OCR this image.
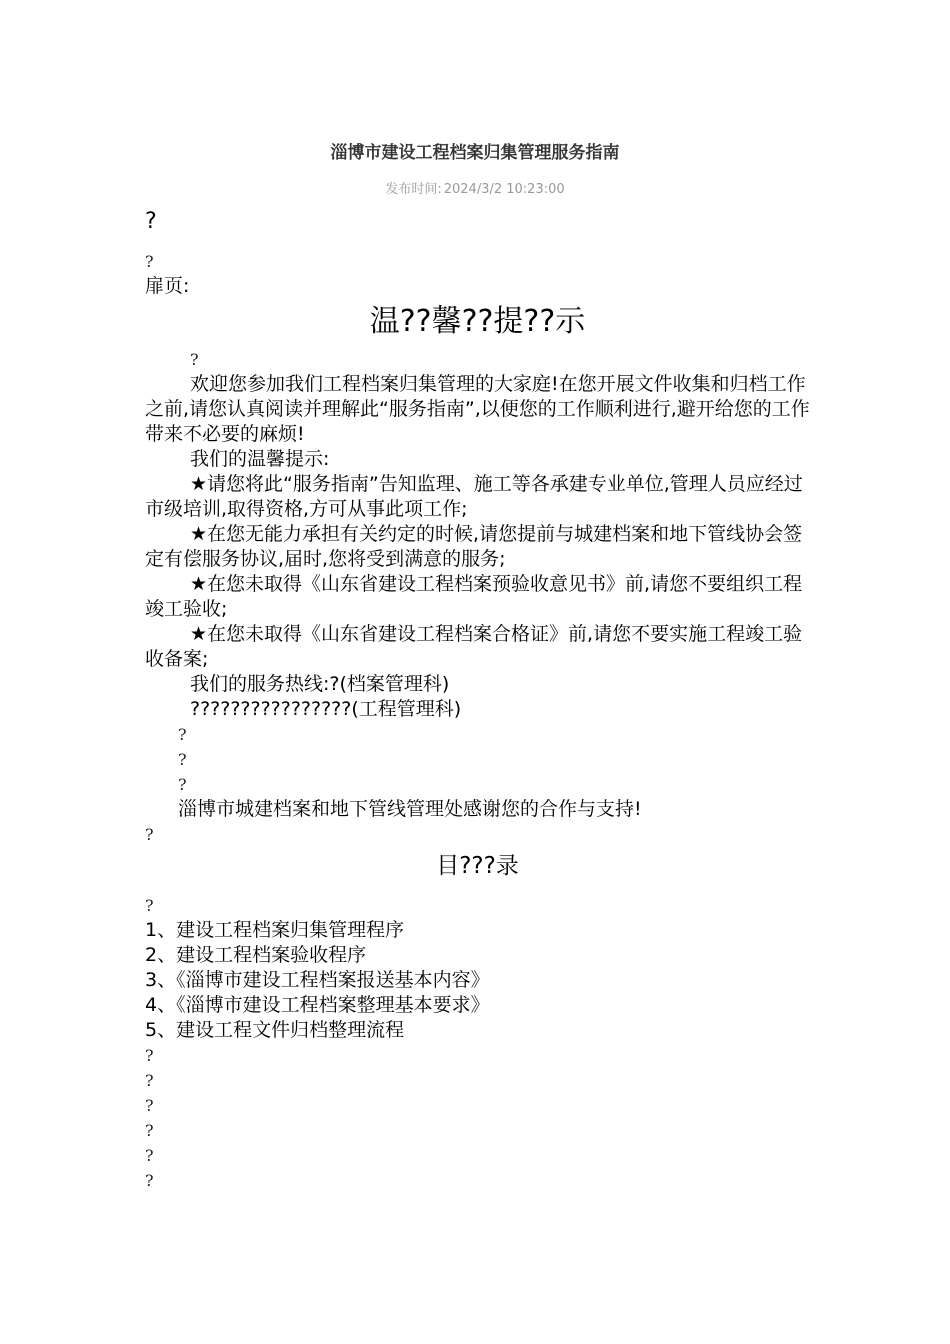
淄博市建设工程档案归集管理服务指南
发布时间: 2024/3/2 10:23:00
?
?
扉页:
温??馨??提??示
?
欢迎您参加我们工程档案归集管理的大家庭!在您开展文件收集和归档工作之前,请您认真阅读并理解此“服务指南”,以便您的工作顺利进行,避开给您的工作带来不必要的麻烦!
我们的温馨提示:
★请您将此“服务指南”告知监理、施工等各承建专业单位,管理人员应经过市级培训,取得资格,方可从事此项工作;
★在您无能力承担有关约定的时候,请您提前与城建档案和地下管线协会签定有偿服务协议,届时,您将受到满意的服务;
★在您未取得《山东省建设工程档案预验收意见书》前,请您不要组织工程竣工验收;
★在您未取得《山东省建设工程档案合格证》前,请您不要实施工程竣工验收备案;
我们的服务热线:?(档案管理科)
????????????????(工程管理科)
?
?
?
淄博市城建档案和地下管线管理处感谢您的合作与支持!
?
目???录
?
1、建设工程档案归集管理程序
2、建设工程档案验收程序
3、《淄博市建设工程档案报送基本内容》
4、《淄博市建设工程档案整理基本要求》
5、建设工程文件归档整理流程
?
?
?
?
?
?
